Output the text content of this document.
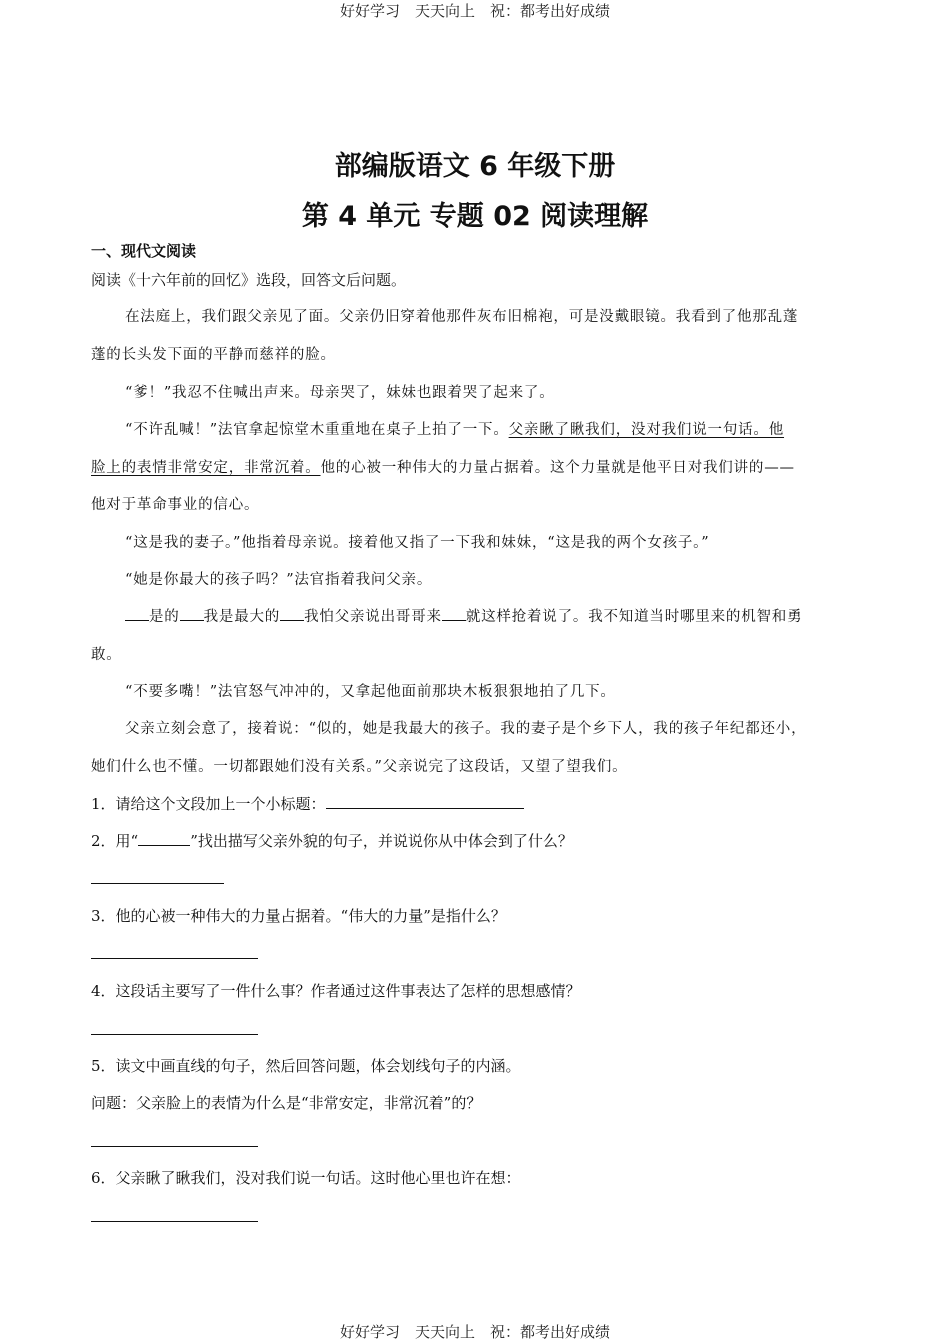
好好学习　天天向上　祝：都考出好成绩
部编版语文 6 年级下册
第 4 单元 专题 02 阅读理解
一、现代文阅读
阅读《十六年前的回忆》选段，回答文后问题。
在法庭上，我们跟父亲见了面。父亲仍旧穿着他那件灰布旧棉袍，可是没戴眼镜。我看到了他那乱蓬
蓬的长头发下面的平静而慈祥的脸。
“爹！”我忍不住喊出声来。母亲哭了，妹妹也跟着哭了起来了。
“不许乱喊！”法官拿起惊堂木重重地在桌子上拍了一下。父亲瞅了瞅我们，没对我们说一句话。他
脸上的表情非常安定，非常沉着。他的心被一种伟大的力量占据着。这个力量就是他平日对我们讲的——
他对于革命事业的信心。
“这是我的妻子。”他指着母亲说。接着他又指了一下我和妹妹，“这是我的两个女孩子。”
“她是你最大的孩子吗？”法官指着我问父亲。
是的 我是最大的 我怕父亲说出哥哥来 就这样抢着说了。我不知道当时哪里来的机智和勇
敢。
“不要多嘴！”法官怒气冲冲的，又拿起他面前那块木板狠狠地拍了几下。
父亲立刻会意了，接着说：“似的，她是我最大的孩子。我的妻子是个乡下人，我的孩子年纪都还小，
她们什么也不懂。一切都跟她们没有关系。”父亲说完了这段话，又望了望我们。
1．请给这个文段加上一个小标题：
2．用“	”找出描写父亲外貌的句子，并说说你从中体会到了什么？
3．他的心被一种伟大的力量占据着。“伟大的力量”是指什么？
4．这段话主要写了一件什么事？作者通过这件事表达了怎样的思想感情？
5．读文中画直线的句子，然后回答问题，体会划线句子的内涵。
问题：父亲脸上的表情为什么是“非常安定，非常沉着”的？
6．父亲瞅了瞅我们，没对我们说一句话。这时他心里也许在想：
好好学习　天天向上　祝：都考出好成绩
